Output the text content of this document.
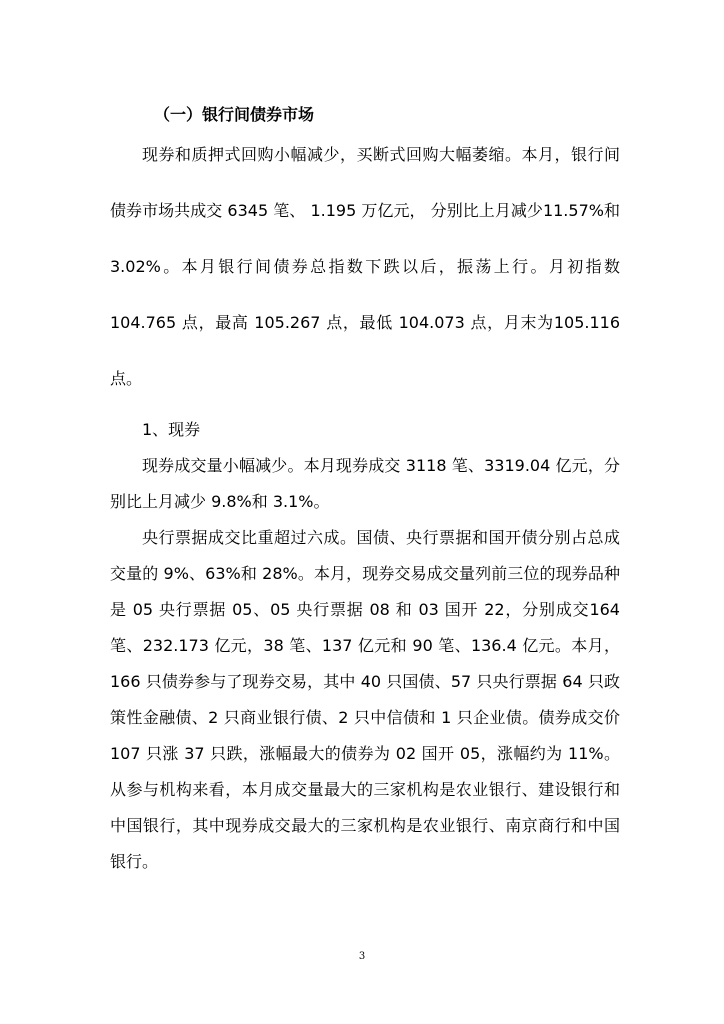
（一）银行间债券市场

现券和质押式回购小幅减少，买断式回购大幅萎缩。本月，银行间债券市场共成交 6345 笔、 1.195 万亿元， 分别比上月减少11.57%和 3.02%。本月银行间债券总指数下跌以后，振荡上行。月初指数 104.765 点，最高 105.267 点，最低 104.073 点，月末为105.116 点。

1、现券

现券成交量小幅减少。本月现券成交 3118 笔、3319.04 亿元，分别比上月减少 9.8%和 3.1%。

央行票据成交比重超过六成。国债、央行票据和国开债分别占总成交量的 9%、63%和 28%。本月，现券交易成交量列前三位的现券品种是 05 央行票据 05、05 央行票据 08 和 03 国开 22，分别成交164 笔、232.173 亿元，38 笔、137 亿元和 90 笔、136.4 亿元。本月，166 只债券参与了现券交易，其中 40 只国债、57 只央行票据 64 只政策性金融债、2 只商业银行债、2 只中信债和 1 只企业债。债券成交价 107 只涨 37 只跌，涨幅最大的债券为 02 国开 05，涨幅约为 11%。从参与机构来看，本月成交量最大的三家机构是农业银行、建设银行和中国银行，其中现券成交最大的三家机构是农业银行、南京商行和中国银行。

3
